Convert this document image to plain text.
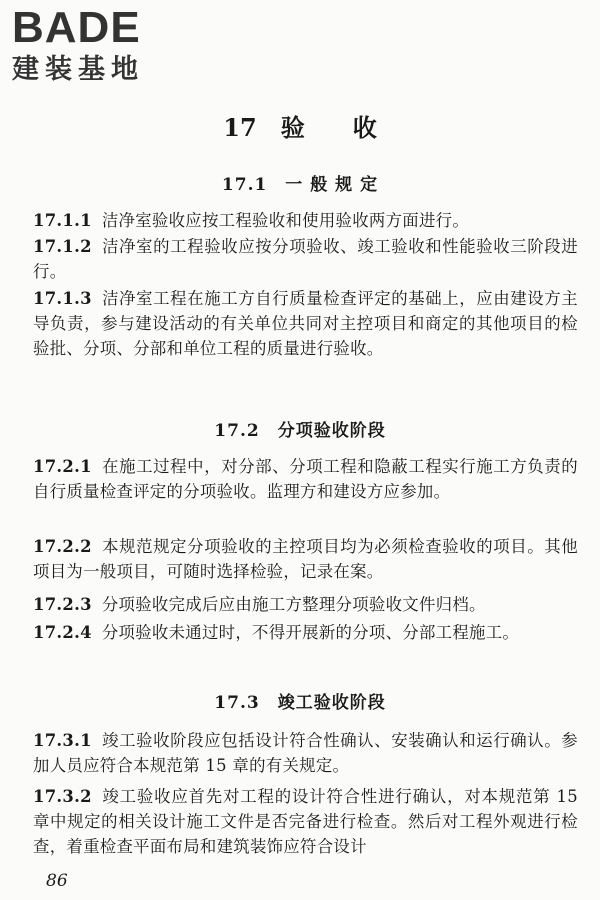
BADE
建装基地
17　验　　收
17.1　一 般 规 定
17.1.1 洁净室验收应按工程验收和使用验收两方面进行。
17.1.2 洁净室的工程验收应按分项验收、竣工验收和性能验收三阶段进行。
17.1.3 洁净室工程在施工方自行质量检查评定的基础上，应由建设方主导负责，参与建设活动的有关单位共同对主控项目和商定的其他项目的检验批、分项、分部和单位工程的质量进行验收。
17.2　分项验收阶段
17.2.1 在施工过程中，对分部、分项工程和隐蔽工程实行施工方负责的自行质量检查评定的分项验收。监理方和建设方应参加。
17.2.2 本规范规定分项验收的主控项目均为必须检查验收的项目。其他项目为一般项目，可随时选择检验，记录在案。
17.2.3 分项验收完成后应由施工方整理分项验收文件归档。
17.2.4 分项验收未通过时，不得开展新的分项、分部工程施工。
17.3　竣工验收阶段
17.3.1 竣工验收阶段应包括设计符合性确认、安装确认和运行确认。参加人员应符合本规范第 15 章的有关规定。
17.3.2 竣工验收应首先对工程的设计符合性进行确认，对本规范第 15 章中规定的相关设计施工文件是否完备进行检查。然后对工程外观进行检查，着重检查平面布局和建筑装饰应符合设计
86
